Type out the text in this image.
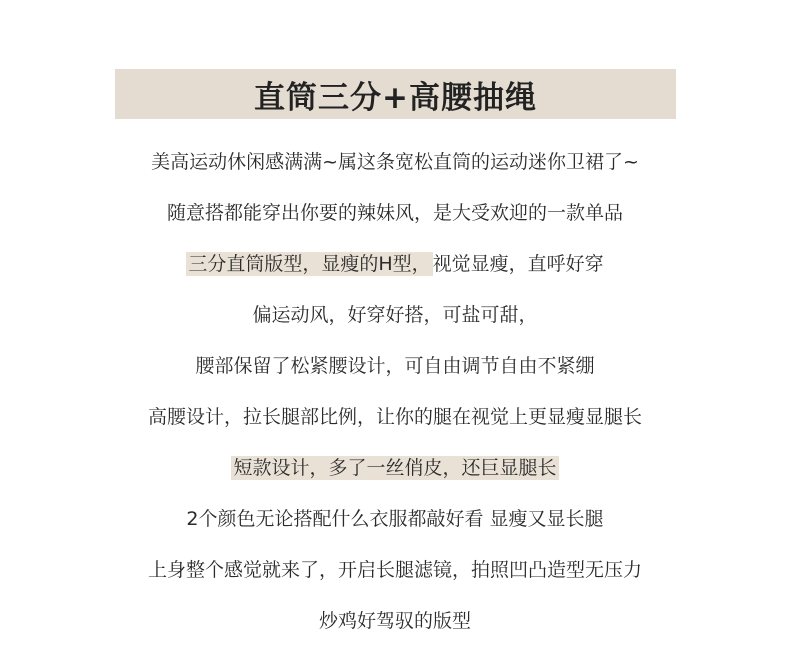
直筒三分+高腰抽绳
美高运动休闲感满满~属这条宽松直筒的运动迷你卫裙了~
随意搭都能穿出你要的辣妹风，是大受欢迎的一款单品
三分直筒版型，显瘦的H型， 视觉显瘦，直呼好穿
偏运动风，好穿好搭，可盐可甜，
腰部保留了松紧腰设计，可自由调节自由不紧绷
高腰设计，拉长腿部比例，让你的腿在视觉上更显瘦显腿长
短款设计，多了一丝俏皮，还巨显腿长
2个颜色无论搭配什么衣服都敲好看 显瘦又显长腿
上身整个感觉就来了，开启长腿滤镜，拍照凹凸造型无压力
炒鸡好驾驭的版型
